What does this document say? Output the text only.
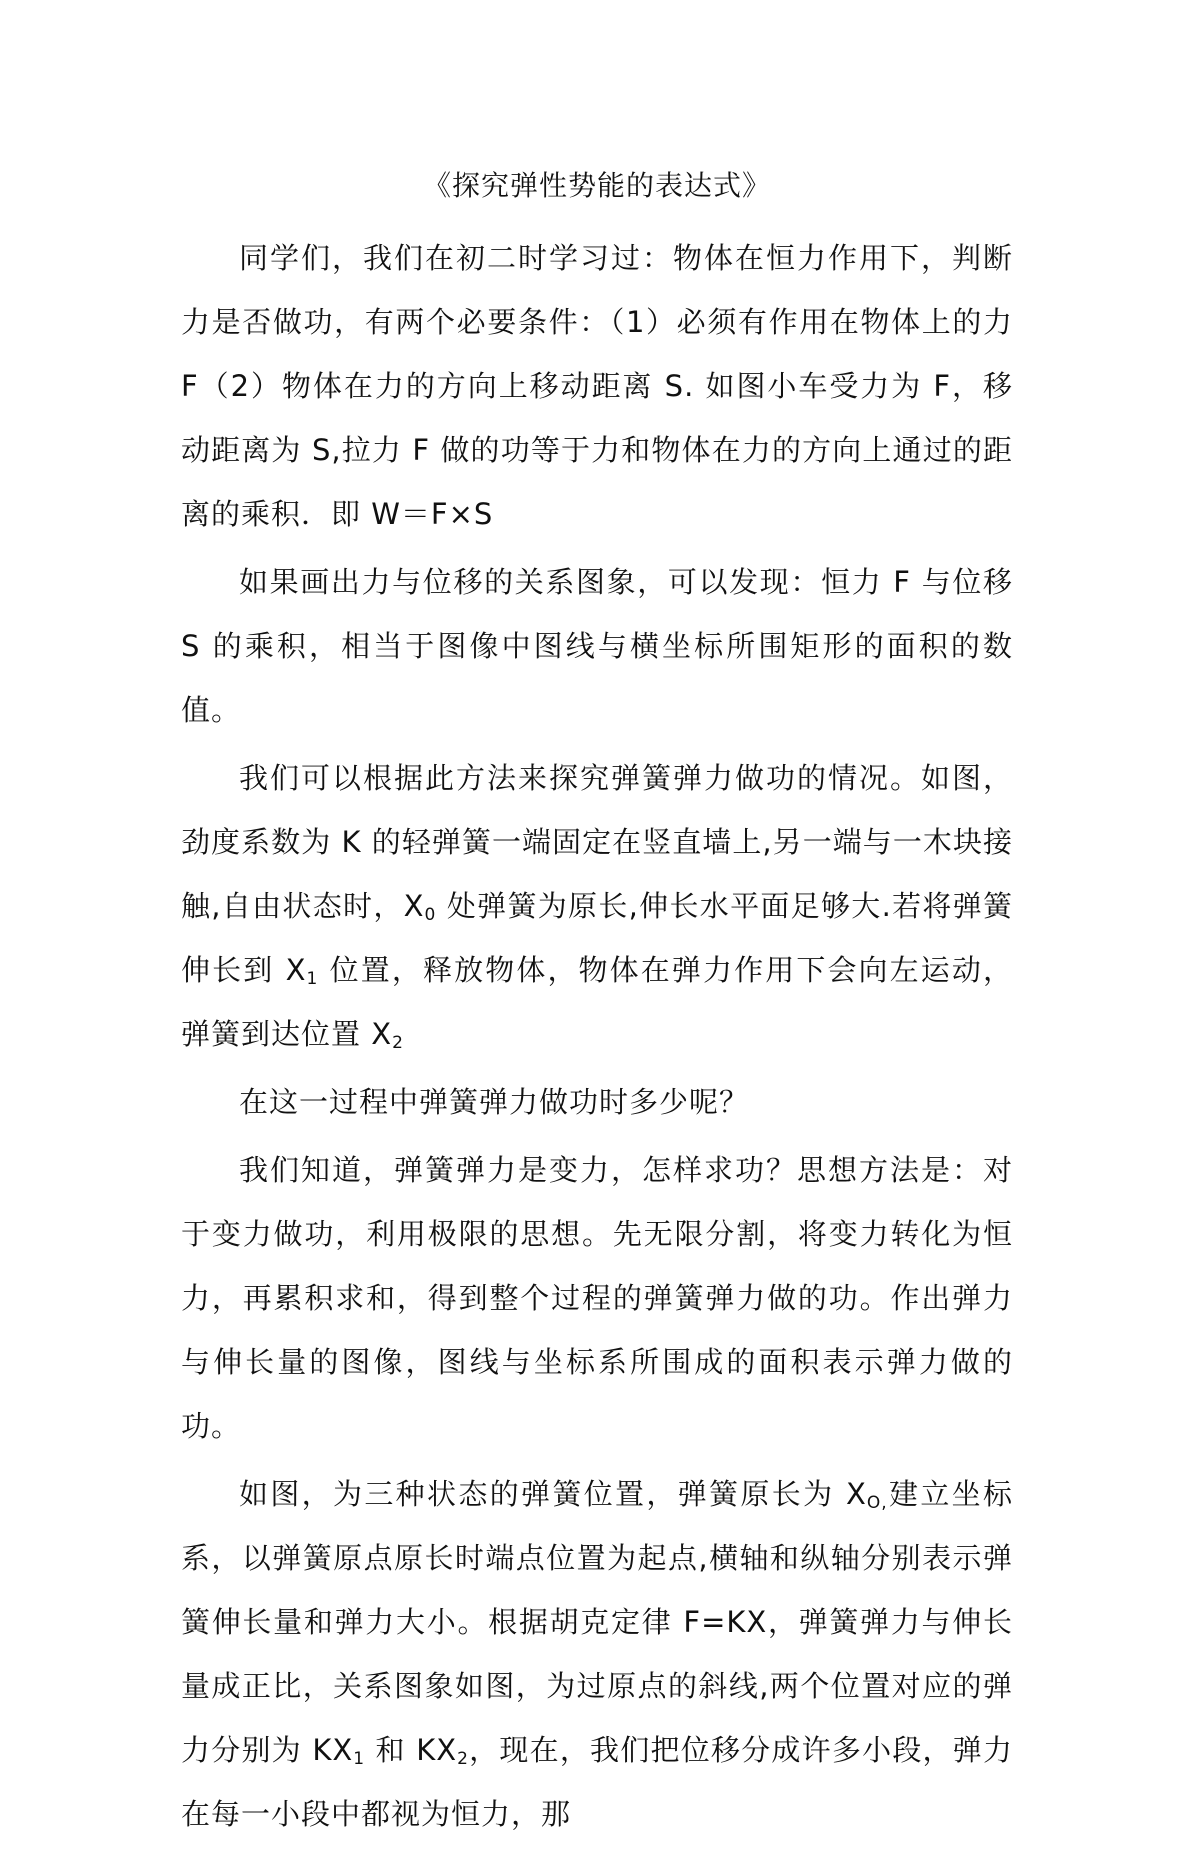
《探究弹性势能的表达式》

同学们，我们在初二时学习过：物体在恒力作用下，判断力是否做功，有两个必要条件：（1）必须有作用在物体上的力 F（2）物体在力的方向上移动距离 S. 如图小车受力为 F，移动距离为 S,拉力 F 做的功等于力和物体在力的方向上通过的距离的乘积．即 W＝F×S

如果画出力与位移的关系图象，可以发现：恒力 F 与位移 S 的乘积，相当于图像中图线与横坐标所围矩形的面积的数值。

我们可以根据此方法来探究弹簧弹力做功的情况。如图，劲度系数为 K 的轻弹簧一端固定在竖直墙上,另一端与一木块接触,自由状态时，$X_0$ 处弹簧为原长,伸长水平面足够大.若将弹簧伸长到 $X_1$ 位置，释放物体，物体在弹力作用下会向左运动，弹簧到达位置 $X_2$

在这一过程中弹簧弹力做功时多少呢？

我们知道，弹簧弹力是变力，怎样求功？思想方法是：对于变力做功，利用极限的思想。先无限分割，将变力转化为恒力，再累积求和，得到整个过程的弹簧弹力做的功。作出弹力与伸长量的图像，图线与坐标系所围成的面积表示弹力做的功。

如图，为三种状态的弹簧位置，弹簧原长为 $X_{O,}$建立坐标系，以弹簧原点原长时端点位置为起点,横轴和纵轴分别表示弹簧伸长量和弹力大小。根据胡克定律 F=KX，弹簧弹力与伸长量成正比，关系图象如图，为过原点的斜线,两个位置对应的弹力分别为 $KX_1$ 和 $KX_2$，现在，我们把位移分成许多小段，弹力在每一小段中都视为恒力，那
